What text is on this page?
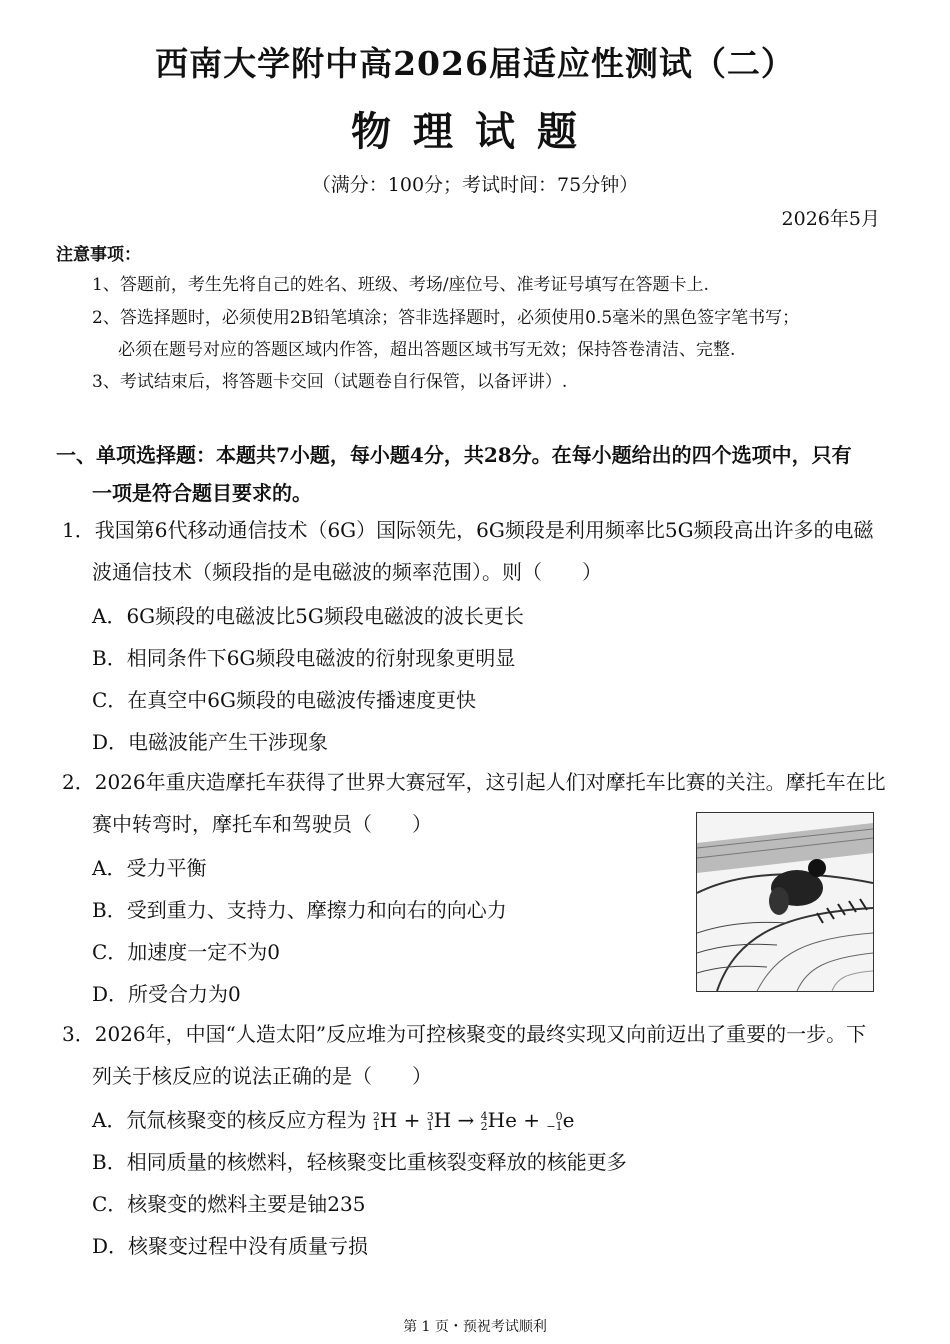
西南大学附中高2026届适应性测试（二）
物理试题
（满分：100分；考试时间：75分钟）
2026年5月
注意事项：
1、答题前，考生先将自己的姓名、班级、考场/座位号、准考证号填写在答题卡上.
2、答选择题时，必须使用2B铅笔填涂；答非选择题时，必须使用0.5毫米的黑色签字笔书写；
必须在题号对应的答题区域内作答，超出答题区域书写无效；保持答卷清洁、完整.
3、考试结束后，将答题卡交回（试题卷自行保管，以备评讲）.
一、单项选择题：本题共7小题，每小题4分，共28分。在每小题给出的四个选项中，只有
一项是符合题目要求的。
1．我国第6代移动通信技术（6G）国际领先，6G频段是利用频率比5G频段高出许多的电磁
波通信技术（频段指的是电磁波的频率范围）。则（　　）
A．6G频段的电磁波比5G频段电磁波的波长更长
B．相同条件下6G频段电磁波的衍射现象更明显
C．在真空中6G频段的电磁波传播速度更快
D．电磁波能产生干涉现象
2．2026年重庆造摩托车获得了世界大赛冠军，这引起人们对摩托车比赛的关注。摩托车在比
赛中转弯时，摩托车和驾驶员（　　）
A．受力平衡
B．受到重力、支持力、摩擦力和向右的向心力
C．加速度一定不为0
D．所受合力为0
3．2026年，中国“人造太阳”反应堆为可控核聚变的最终实现又向前迈出了重要的一步。下
列关于核反应的说法正确的是（　　）
A．氘氚核聚变的核反应方程为 2
1H + 3
1H → 4
2He + 0
−1e
B．相同质量的核燃料，轻核聚变比重核裂变释放的核能更多
C．核聚变的燃料主要是铀235
D．核聚变过程中没有质量亏损
第 1 页・预祝考试顺利
